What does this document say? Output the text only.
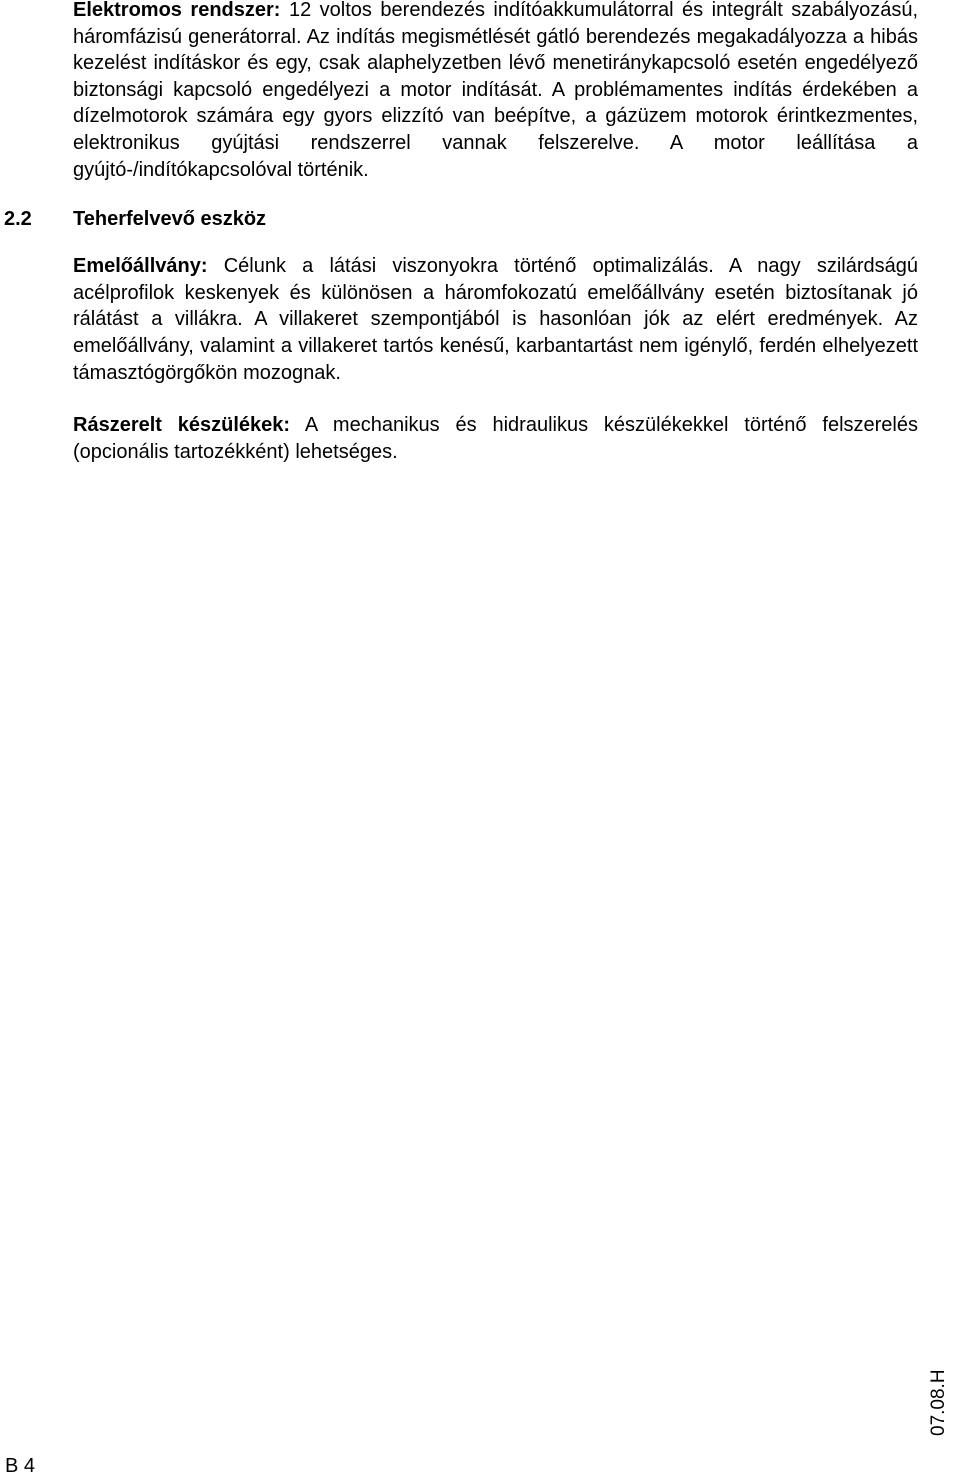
Elektromos rendszer: 12 voltos berendezés indítóakkumulátorral és integrált szabályozású, háromfázisú generátorral. Az indítás megismétlését gátló berendezés megakadályozza a hibás kezelést indításkor és egy, csak alaphelyzetben lévő menetiránykapcsoló esetén engedélyező biztonsági kapcsoló engedélyezi a motor indítását. A problémamentes indítás érdekében a dízelmotorok számára egy gyors elizzító van beépítve, a gázüzem motorok érintkezmentes, elektronikus gyújtási rendszerrel vannak felszerelve. A motor leállítása a gyújtó-/indítókapcsolóval történik.

2.2 Teherfelvevő eszköz

Emelőállvány: Célunk a látási viszonyokra történő optimalizálás. A nagy szilárdságú acélprofilok keskenyek és különösen a háromfokozatú emelőállvány esetén biztosítanak jó rálátást a villákra. A villakeret szempontjából is hasonlóan jók az elért eredmények. Az emelőállvány, valamint a villakeret tartós kenésű, karbantartást nem igénylő, ferdén elhelyezett támasztógörgőkön mozognak.

Rászerelt készülékek: A mechanikus és hidraulikus készülékekkel történő felszerelés (opcionális tartozékként) lehetséges.

B 4
07.08.H
